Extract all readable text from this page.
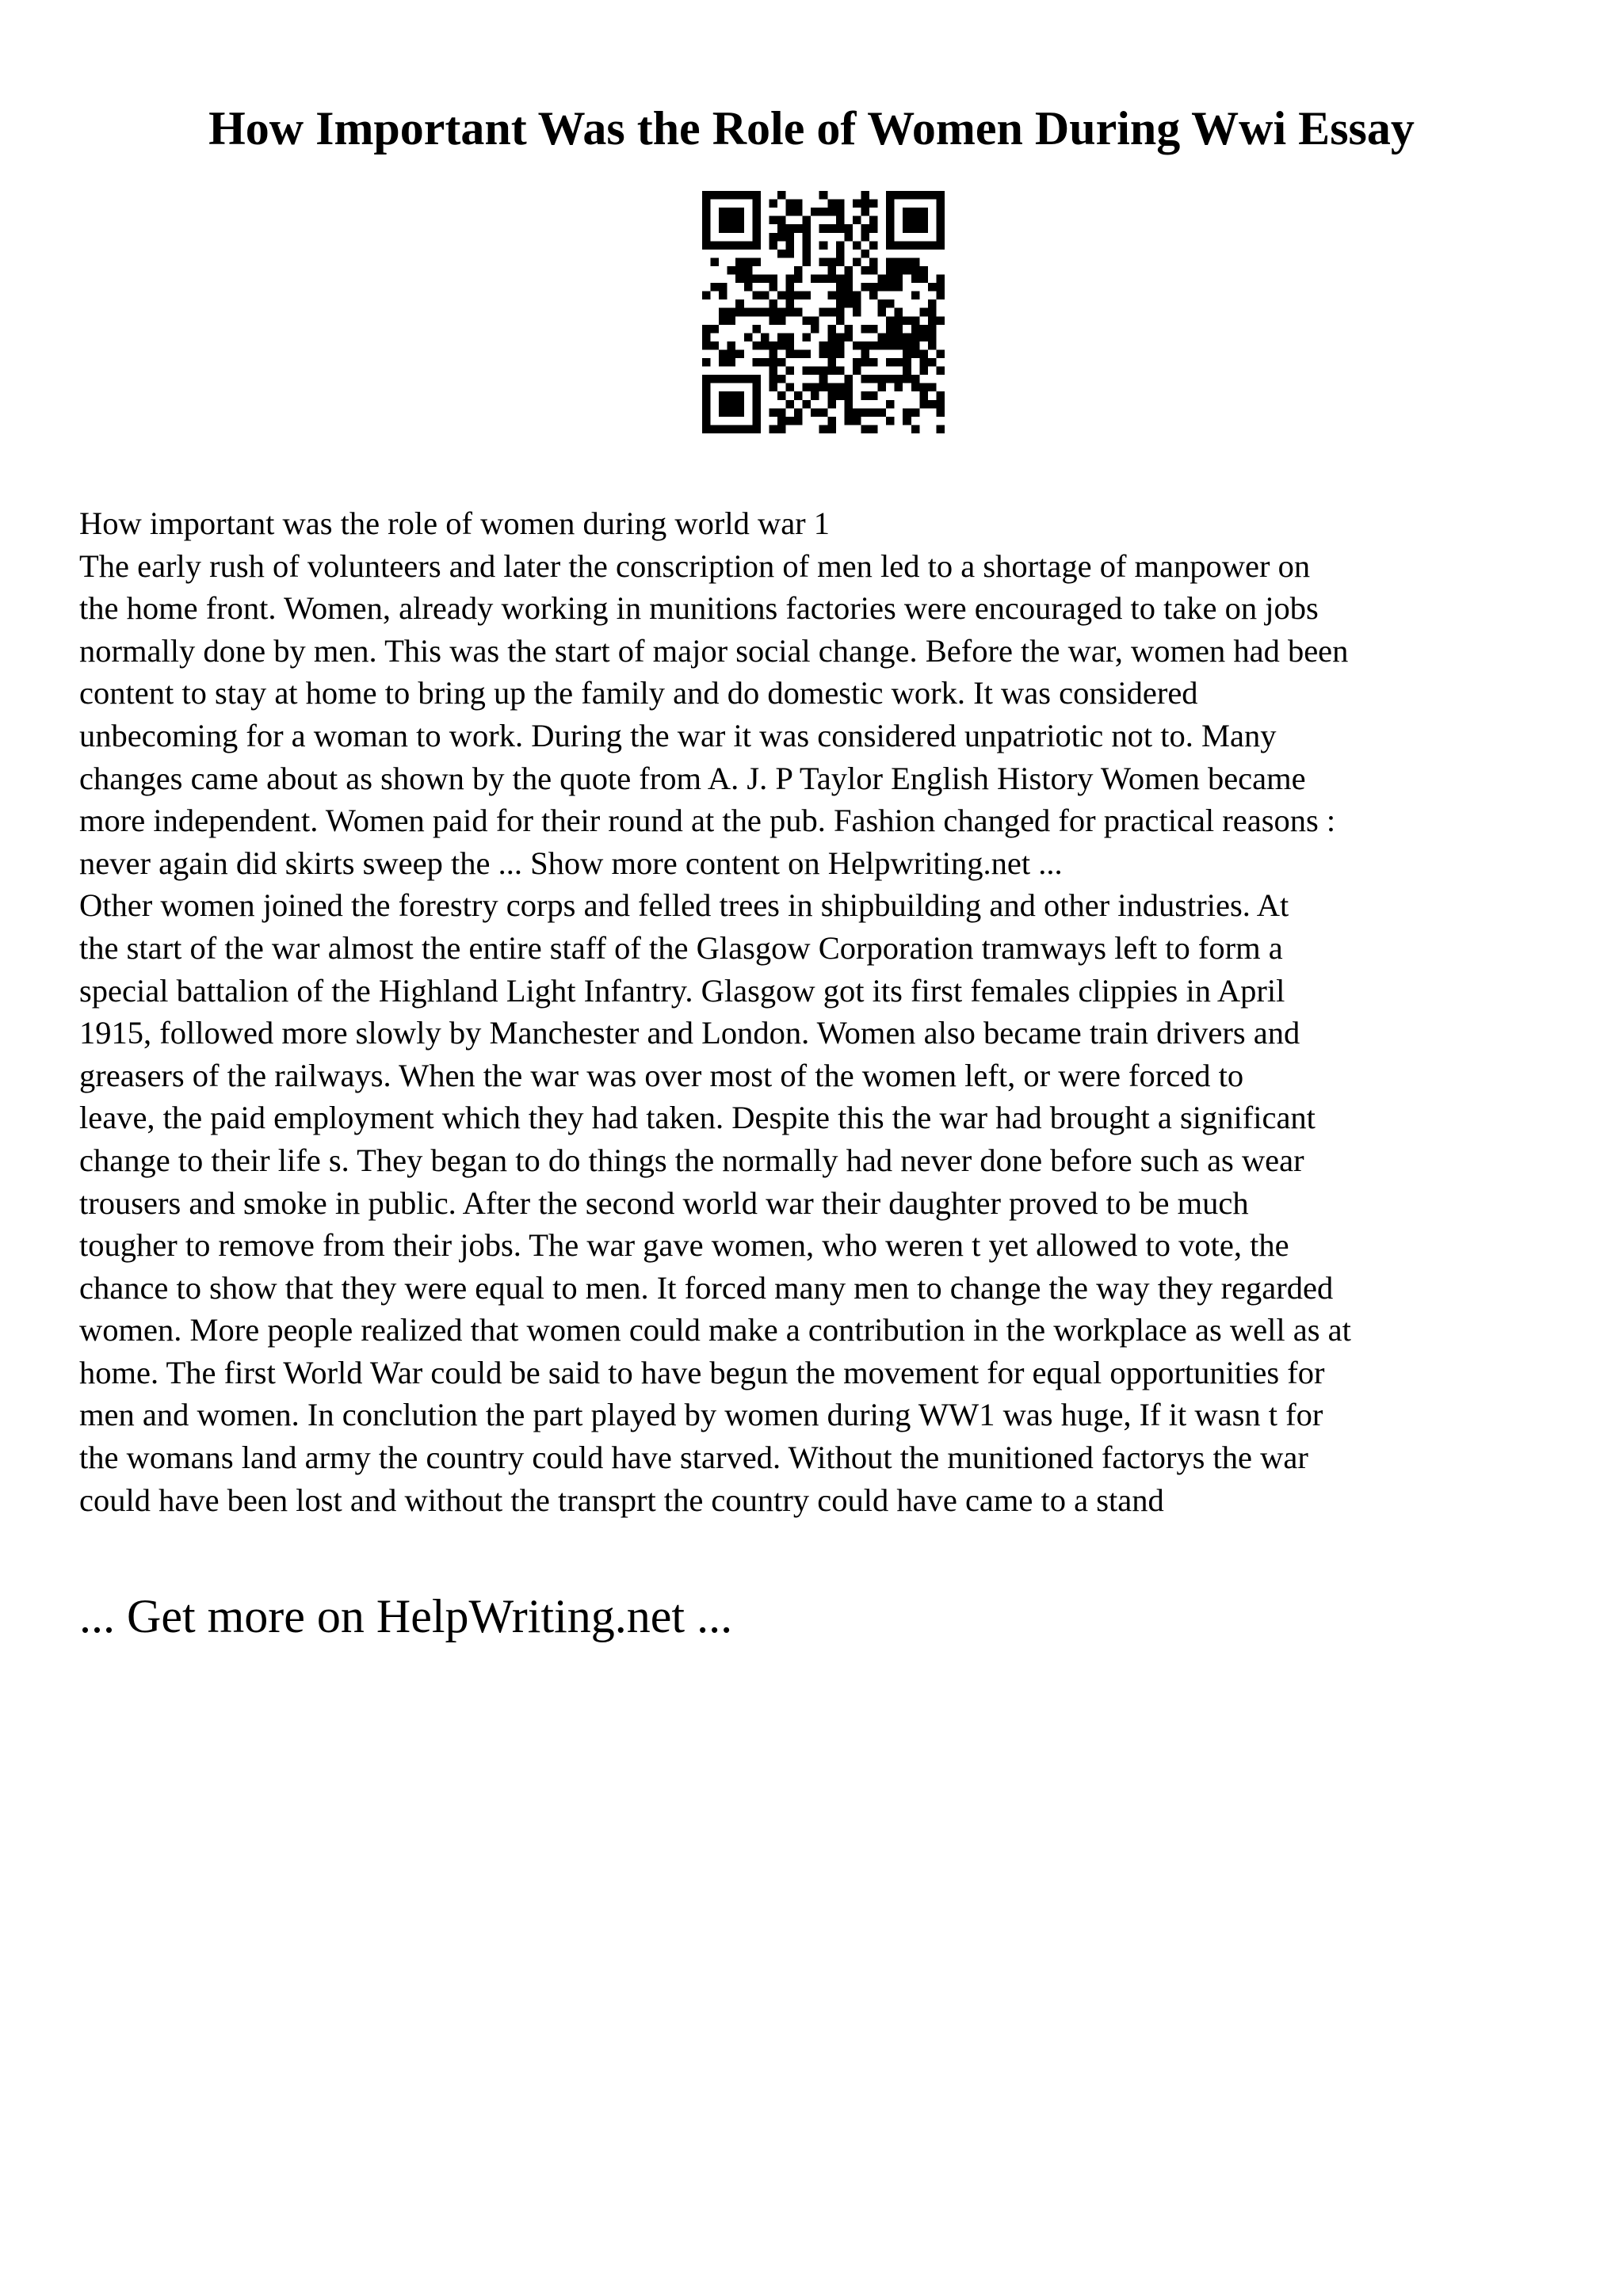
How Important Was the Role of Women During Wwi Essay
How important was the role of women during world war 1
The early rush of volunteers and later the conscription of men led to a shortage of manpower on
the home front. Women, already working in munitions factories were encouraged to take on jobs
normally done by men. This was the start of major social change. Before the war, women had been
content to stay at home to bring up the family and do domestic work. It was considered
unbecoming for a woman to work. During the war it was considered unpatriotic not to. Many
changes came about as shown by the quote from A. J. P Taylor English History Women became
more independent. Women paid for their round at the pub. Fashion changed for practical reasons :
never again did skirts sweep the ... Show more content on Helpwriting.net ...
Other women joined the forestry corps and felled trees in shipbuilding and other industries. At
the start of the war almost the entire staff of the Glasgow Corporation tramways left to form a
special battalion of the Highland Light Infantry. Glasgow got its first females clippies in April
1915, followed more slowly by Manchester and London. Women also became train drivers and
greasers of the railways. When the war was over most of the women left, or were forced to
leave, the paid employment which they had taken. Despite this the war had brought a significant
change to their life s. They began to do things the normally had never done before such as wear
trousers and smoke in public. After the second world war their daughter proved to be much
tougher to remove from their jobs. The war gave women, who weren t yet allowed to vote, the
chance to show that they were equal to men. It forced many men to change the way they regarded
women. More people realized that women could make a contribution in the workplace as well as at
home. The first World War could be said to have begun the movement for equal opportunities for
men and women. In conclution the part played by women during WW1 was huge, If it wasn t for
the womans land army the country could have starved. Without the munitioned factorys the war
could have been lost and without the transprt the country could have came to a stand

... Get more on HelpWriting.net ...
